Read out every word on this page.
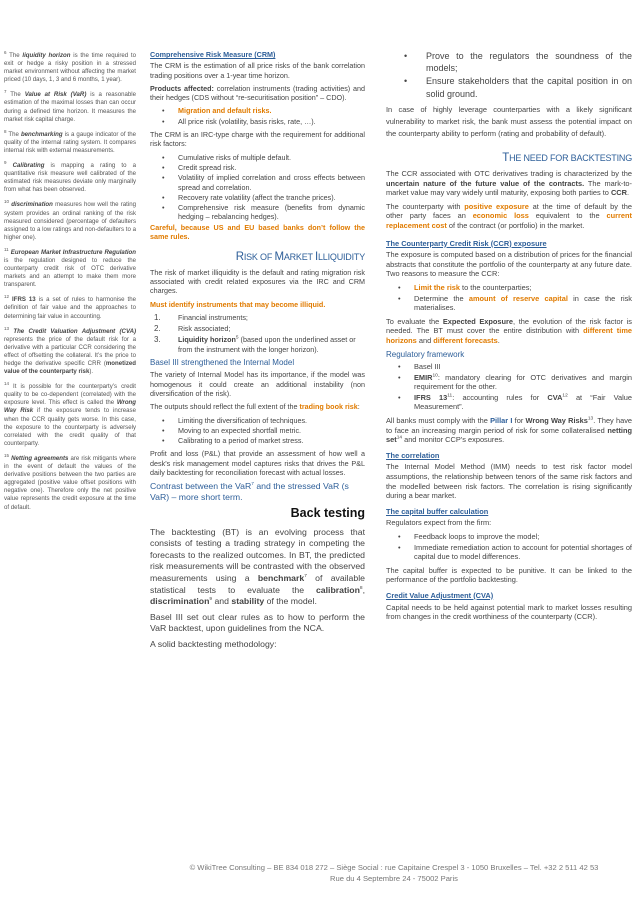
$^6$ The liquidity horizon is the time required to exit or hedge a risky position in a stressed market environment without affecting the market priced (10 days, 1, 3 and 6 months, 1 year).
$^7$ The Value at Risk (VaR) is a reasonable estimation of the maximal losses than can occur during a defined time horizon. It measures the market risk capital charge.
$^8$ The benchmarking is a gauge indicator of the quality of the internal rating system. It compares internal risk with external measurements.
$^9$ Calibrating is mapping a rating to a quantitative risk measure well calibrated of the estimated risk measures deviate only marginally from what has been observed.
$^{10}$ discrimination measures how well the rating system provides an ordinal ranking of the risk measured considered (percentage of defaulters assigned to a low ratings and non-defaulters to a higher one).
$^{11}$ European Market Infrastructure Regulation is the regulation designed to reduce the counterparty credit risk of OTC derivative markets and an attempt to make them more transparent.
$^{12}$ IFRS 13 is a set of rules to harmonise the definition of fair value and the approaches to determining fair value in accounting.
$^{13}$ The Credit Valuation Adjustment (CVA) represents the price of the default risk for a derivative with a particular CCR considering the effect of offsetting the collateral. It’s the price to hedge the derivative specific CRR (monetized value of the counterparty risk).
$^{14}$ It is possible for the counterparty’s credit quality to be co-dependent (correlated) with the exposure level. This effect is called the Wrong Way Risk if the exposure tends to increase when the CCR quality gets worse. In this case, the exposure to the counterparty is adversely correlated with the credit quality of that counterparty.
$^{15}$ Netting agreements are risk mitigants where in the event of default the values of the derivative positions between the two parties are aggregated (positive value offset positions with negative one). Therefore only the net positive value represents the credit exposure at the time of default.
Comprehensive Risk Measure (CRM)

The CRM is the estimation of all price risks of the bank correlation trading positions over a 1-year time horizon.

Products affected: correlation instruments (trading activities) and their hedges (CDS without “re-securitisation position” – CDO).

• Migration and default risks.
• All price risk (volatility, basis risks, rate, …).

The CRM is an IRC-type charge with the requirement for additional risk factors:

• Cumulative risks of multiple default.
• Credit spread risk.
• Volatility of implied correlation and cross effects between spread and correlation.
• Recovery rate volatility (affect the tranche prices).
• Comprehensive risk measure (benefits from dynamic hedging – rebalancing hedges).

Careful, because US and EU based banks don’t follow the same rules.

RISK OF MARKET ILLIQUIDITY

The risk of market illiquidity is the default and rating migration risk associated with credit related exposures via the IRC and CRM charges.

Must identify instruments that may become illiquid.

1. Financial instruments;
2. Risk associated;
3. Liquidity horizon$^5$ (based upon the underlined asset or from the instrument with the longer horizon).
Basel III strengthened the Internal Model

The variety of Internal Model has its importance, if the model was homogenous it could create an additional instability (non diversification of the risk).

The outputs should reflect the full extent of the trading book risk:

• Limiting the diversification of techniques.
• Moving to an expected shortfall metric.
• Calibrating to a period of market stress.

Profit and loss (P&L) that provide an assessment of how well a desk’s risk management model captures risks that drives the P&L daily backtesting for reconciliation forecast with actual losses.

Contrast between the VaR$^7$ and the stressed VaR (s VaR) – more short term.
Back testing

The backtesting (BT) is an evolving process that consists of testing a trading strategy in competing the forecasts to the realized outcomes. In BT, the predicted risk measurements will be contrasted with the observed measurements using a benchmark$^7$ of available statistical tests to evaluate the calibration$^8$, discrimination$^9$ and stability of the model.

Basel III set out clear rules as to how to perform the VaR backtest, upon guidelines from the NCA.

A solid backtesting methodology:

•	Prove to the regulators the soundness of the models;
•	Ensure stakeholders that the capital position in on solid ground.

In case of highly leverage counterparties with a likely significant vulnerability to market risk, the bank must assess the potential impact on the counterparty ability to perform (rating and probability of default).

THE NEED FOR BACKTESTING

The CCR associated with OTC derivatives trading is characterized by the uncertain nature of the future value of the contracts. The mark-to-market value may vary widely until maturity, exposing both parties to CCR.

The counterparty with positive exposure at the time of default by the other party faces an economic loss equivalent to the current replacement cost of the contract (or portfolio) in the market.

The Counterparty Credit Risk (CCR) exposure

The exposure is computed based on a distribution of prices for the financial abstracts that constitute the portfolio of the counterparty at any future date. Two reasons to measure the CCR:

• Limit the risk to the counterparties;
• Determine the amount of reserve capital in case the risk materialises.

To evaluate the Expected Exposure, the evolution of the risk factor is needed. The BT must cover the entire distribution with different time horizons and different forecasts.

Regulatory framework
• Basel III
• EMIR$^{10}$: mandatory clearing for OTC derivatives and margin requirement for the other.
• IFRS $13^{11}$: accounting rules for CVA$^{12}$ at “Fair Value Measurement”.

All banks must comply with the Pillar I for Wrong Way Risks$^{13}$. They have to face an increasing margin period of risk for some collateralised netting set$^{14}$ and monitor CCP’s exposures.

The correlation

The Internal Model Method (IMM) needs to test risk factor model assumptions, the relationship between tenors of the same risk factors and the modelled between risk factors. The correlation is rising significantly during a bear market.

The capital buffer calculation

Regulators expect from the firm:

• Feedback loops to improve the model;
• Immediate remediation action to account for potential shortages of capital due to model differences.

The capital buffer is expected to be punitive. It can be linked to the performance of the portfolio backtesting.

Credit Value Adjustment (CVA)

Capital needs to be held against potential mark to market losses resulting from changes in the credit worthiness of the counterparty (CCR).

© WikiTree Consulting – BE 834 018 272 – Siège Social : rue Capitaine Crespel 3 - 1050 Bruxelles – Tel. +32 2 511 42 53
Rue du 4 Septembre 24 - 75002 Paris
